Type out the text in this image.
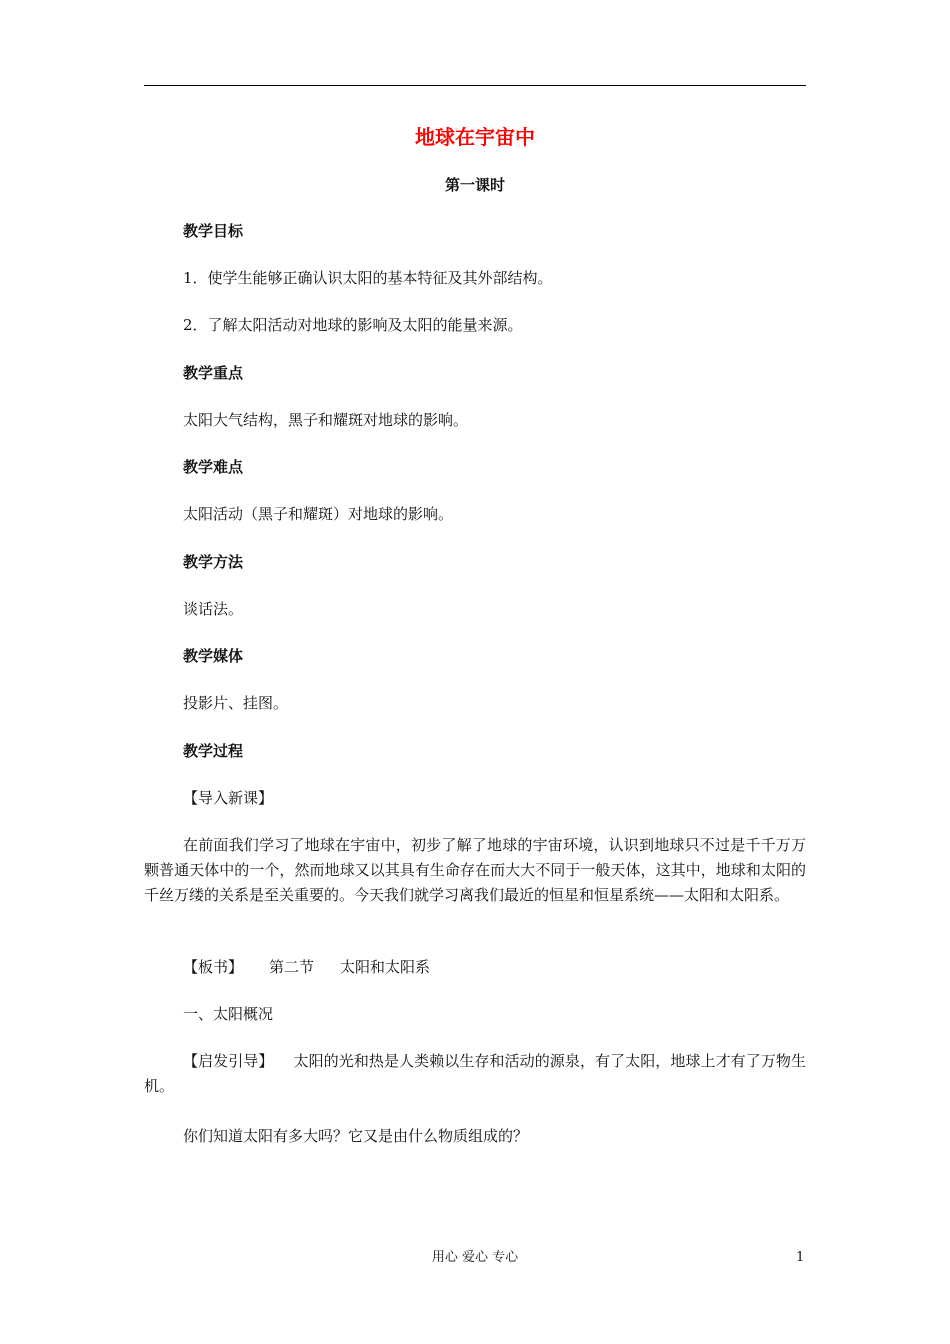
地球在宇宙中
第一课时
教学目标
1．使学生能够正确认识太阳的基本特征及其外部结构。
2．了解太阳活动对地球的影响及太阳的能量来源。
教学重点
太阳大气结构，黑子和耀斑对地球的影响。
教学难点
太阳活动（黑子和耀斑）对地球的影响。
教学方法
谈话法。
教学媒体
投影片、挂图。
教学过程
【导入新课】
在前面我们学习了地球在宇宙中，初步了解了地球的宇宙环境，认识到地球只不过是千千万万颗普通天体中的一个，然而地球又以其具有生命存在而大大不同于一般天体，这其中，地球和太阳的千丝万缕的关系是至关重要的。今天我们就学习离我们最近的恒星和恒星系统——太阳和太阳系。
【板书】 第二节 太阳和太阳系
一、太阳概况
【启发引导】 太阳的光和热是人类赖以生存和活动的源泉，有了太阳，地球上才有了万物生机。
你们知道太阳有多大吗？它又是由什么物质组成的？
用心 爱心 专心	1
